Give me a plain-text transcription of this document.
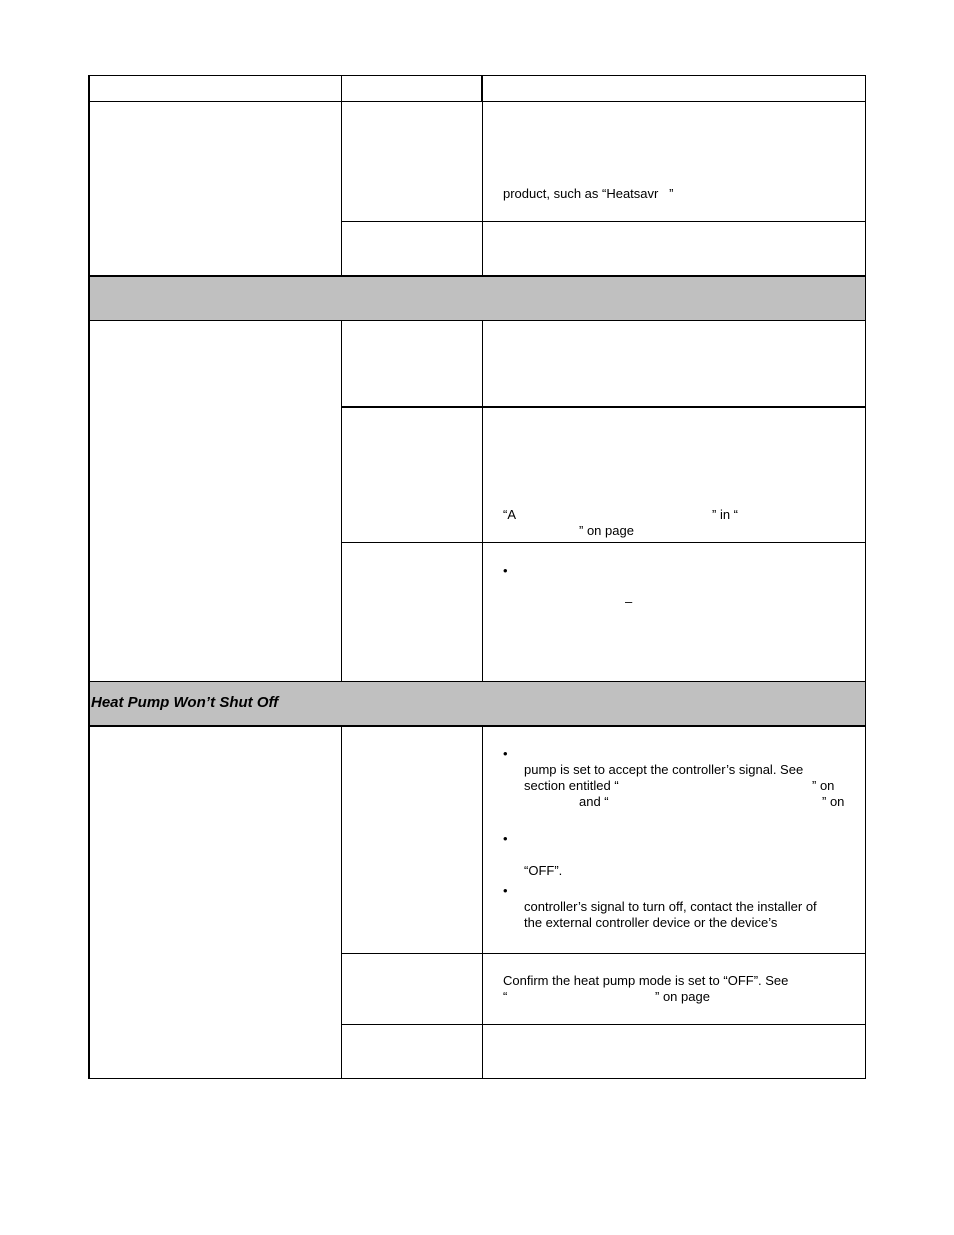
product, such as “Heatsavr   ”
“A	” in “
” on page
•
–
Heat Pump Won’t Shut Off
•
pump is set to accept the controller’s signal. See
section entitled “	” on
and “	” on
•
“OFF”.
•
controller’s signal to turn off, contact the installer of
the external controller device or the device’s
Confirm the heat pump mode is set to “OFF”. See
“	” on page
